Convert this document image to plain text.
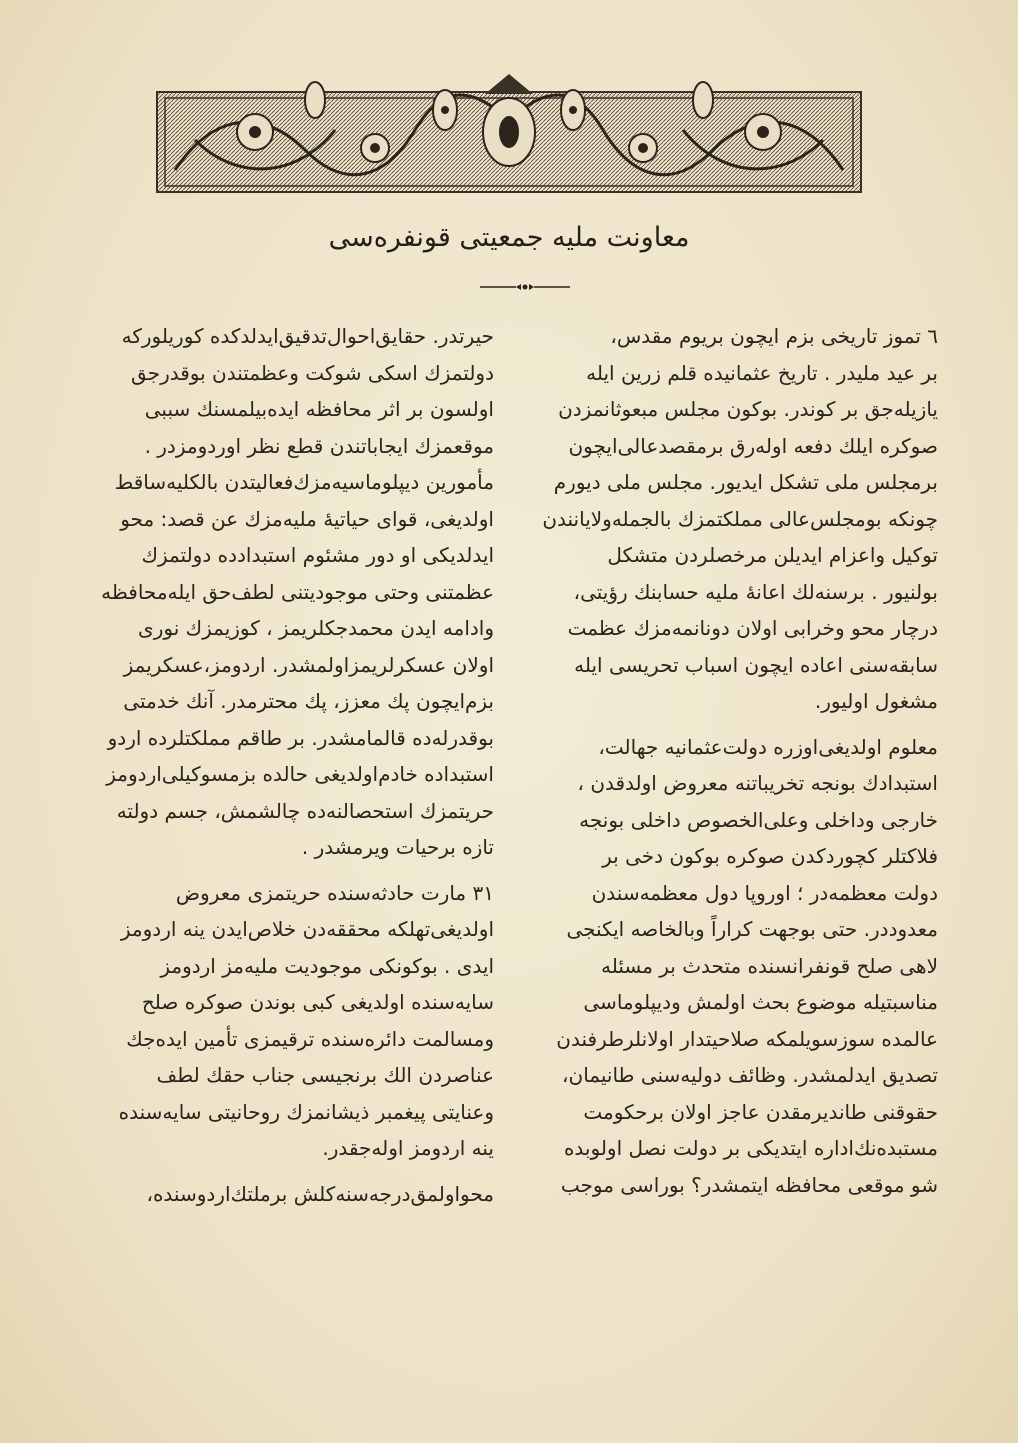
معاونت مليه جمعيتى قونفره‌سى

٦ تموز تاريخى بزم ايچون بريوم مقدس،

بر عيد مليدر . تاريخ عثمانيده قلم زرين ايله

يازيله‌جق بر كوندر. بوكون مجلس مبعوثانمزدن

صوكره ايلك دفعه اوله‌رق برمقصدعالى‌ايچون

برمجلس ملى تشكل ايديور. مجلس ملى ديورم

چونكه بومجلس‌عالى مملكتمزك بالجمله‌ولايانندن

توكيل واعزام ايديلن مرخصلردن متشكل

بولنيور . برسنه‌لك اعانهٔ مليه حسابنك رؤيتى،

درچار محو وخرابى اولان دونانمه‌مزك عظمت

سابقه‌سنى اعاده ايچون اسباب تحريسى ايله

مشغول اوليور.

معلوم اولديغى‌اوزره دولت‌عثمانيه جهالت،

استبدادك بونجه تخريباتنه معروض اولدقدن ،

خارجى وداخلى وعلى‌الخصوص داخلى بونجه

فلاكتلر كچوردكدن صوكره بوكون دخى بر

دولت معظمه‌در ؛ اوروپا دول معظمه‌سندن

معدوددر. حتى بوجهت كراراً وبالخاصه ايكنجى

لاهى صلح قونفرانسنده متحدث بر مسئله

مناسبتيله موضوع بحث اولمش وديپلوماسى

عالمده سوزسويلمكه صلاحيتدار اولانلرطرفندن

تصديق ايدلمشدر. وظائف دوليه‌سنى طانيمان،

حقوقنى طانديرمقدن عاجز اولان برحكومت

مستبده‌نك‌اداره ايتديكى بر دولت نصل اولوبده

شو موقعى محافظه ايتمشدر؟ بوراسى موجب

حيرتدر. حقايق‌احوال‌تدقيق‌ايدلدكده كوريلوركه

دولتمزك اسكى شوكت وعظمتندن بوقدرجق

اولسون بر اثر محافظه ايده‌بيلمسنك سببى

موقعمزك ايجاباتندن قطع نظر اوردومزدر .

مأمورين ديپلوماسيه‌مزك‌فعاليتدن بالكليه‌ساقط

اولديغى، قواى حياتيهٔ مليه‌مزك عن قصد: محو

ايدلديكى او دور مشئوم استبدادده دولتمزك

عظمتنى وحتى موجوديتنى لطف‌حق ايله‌محافظه

وادامه ايدن محمدجكلريمز ، كوزيمزك نورى

اولان عسكرلريمزاولمشدر. اردومز،عسكريمز

بزم‌ايچون پك معزز، پك محترمدر. آنك خدمتى

بوقدرله‌ده قالمامشدر. بر طاقم مملكتلرده اردو

استبداده خادم‌اولديغى حالده بزمسوكيلى‌اردومز

حريتمزك استحصالنه‌ده چالشمش، جسم دولته

تازه برحيات ويرمشدر .

٣١ مارت حادثه‌سنده حريتمزى معروض

اولديغى‌تهلكه محققه‌دن خلاص‌ايدن ينه اردومز

ايدى . بوكونكى موجوديت مليه‌مز اردومز

سايه‌سنده اولديغى كبى بوندن صوكره صلح

ومسالمت دائره‌سنده ترقيمزى تأمين ايده‌جك

عناصردن الك برنجيسى جناب حقك لطف

وعنايتى پيغمبر ذيشانمزك روحانيتى سايه‌سنده

ينه اردومز اوله‌جقدر.

محواولمق‌درجه‌سنه‌كلش برملتك‌اردوسنده،
